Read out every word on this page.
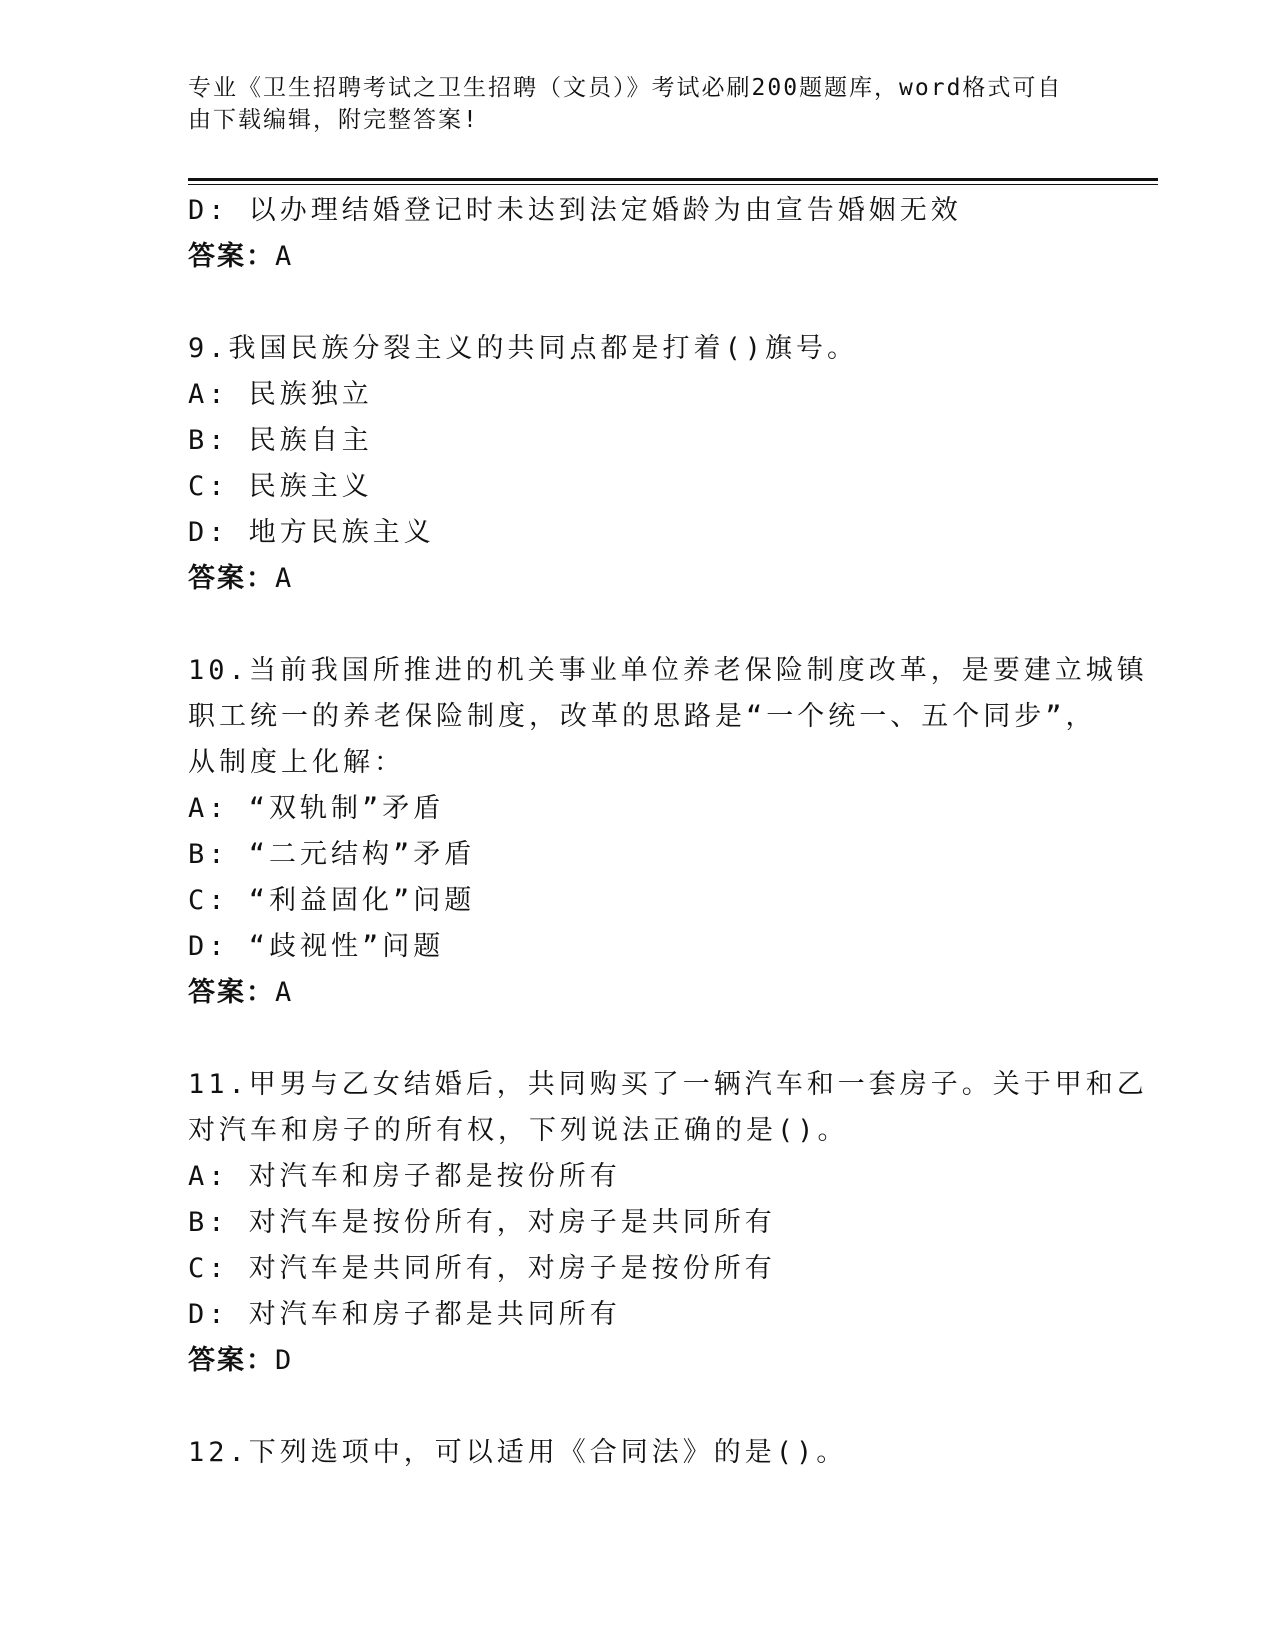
专业《卫生招聘考试之卫生招聘（文员）》考试必刷200题题库，word格式可自
由下载编辑，附完整答案!
D: 以办理结婚登记时未达到法定婚龄为由宣告婚姻无效
答案：A
9.我国民族分裂主义的共同点都是打着()旗号。
A: 民族独立
B: 民族自主
C: 民族主义
D: 地方民族主义
答案：A
10.当前我国所推进的机关事业单位养老保险制度改革，是要建立城镇
职工统一的养老保险制度，改革的思路是“一个统一、五个同步”，
从制度上化解：
A: “双轨制”矛盾
B: “二元结构”矛盾
C: “利益固化”问题
D: “歧视性”问题
答案：A
11.甲男与乙女结婚后，共同购买了一辆汽车和一套房子。关于甲和乙
对汽车和房子的所有权，下列说法正确的是()。
A: 对汽车和房子都是按份所有
B: 对汽车是按份所有，对房子是共同所有
C: 对汽车是共同所有，对房子是按份所有
D: 对汽车和房子都是共同所有
答案：D
12.下列选项中，可以适用《合同法》的是()。
